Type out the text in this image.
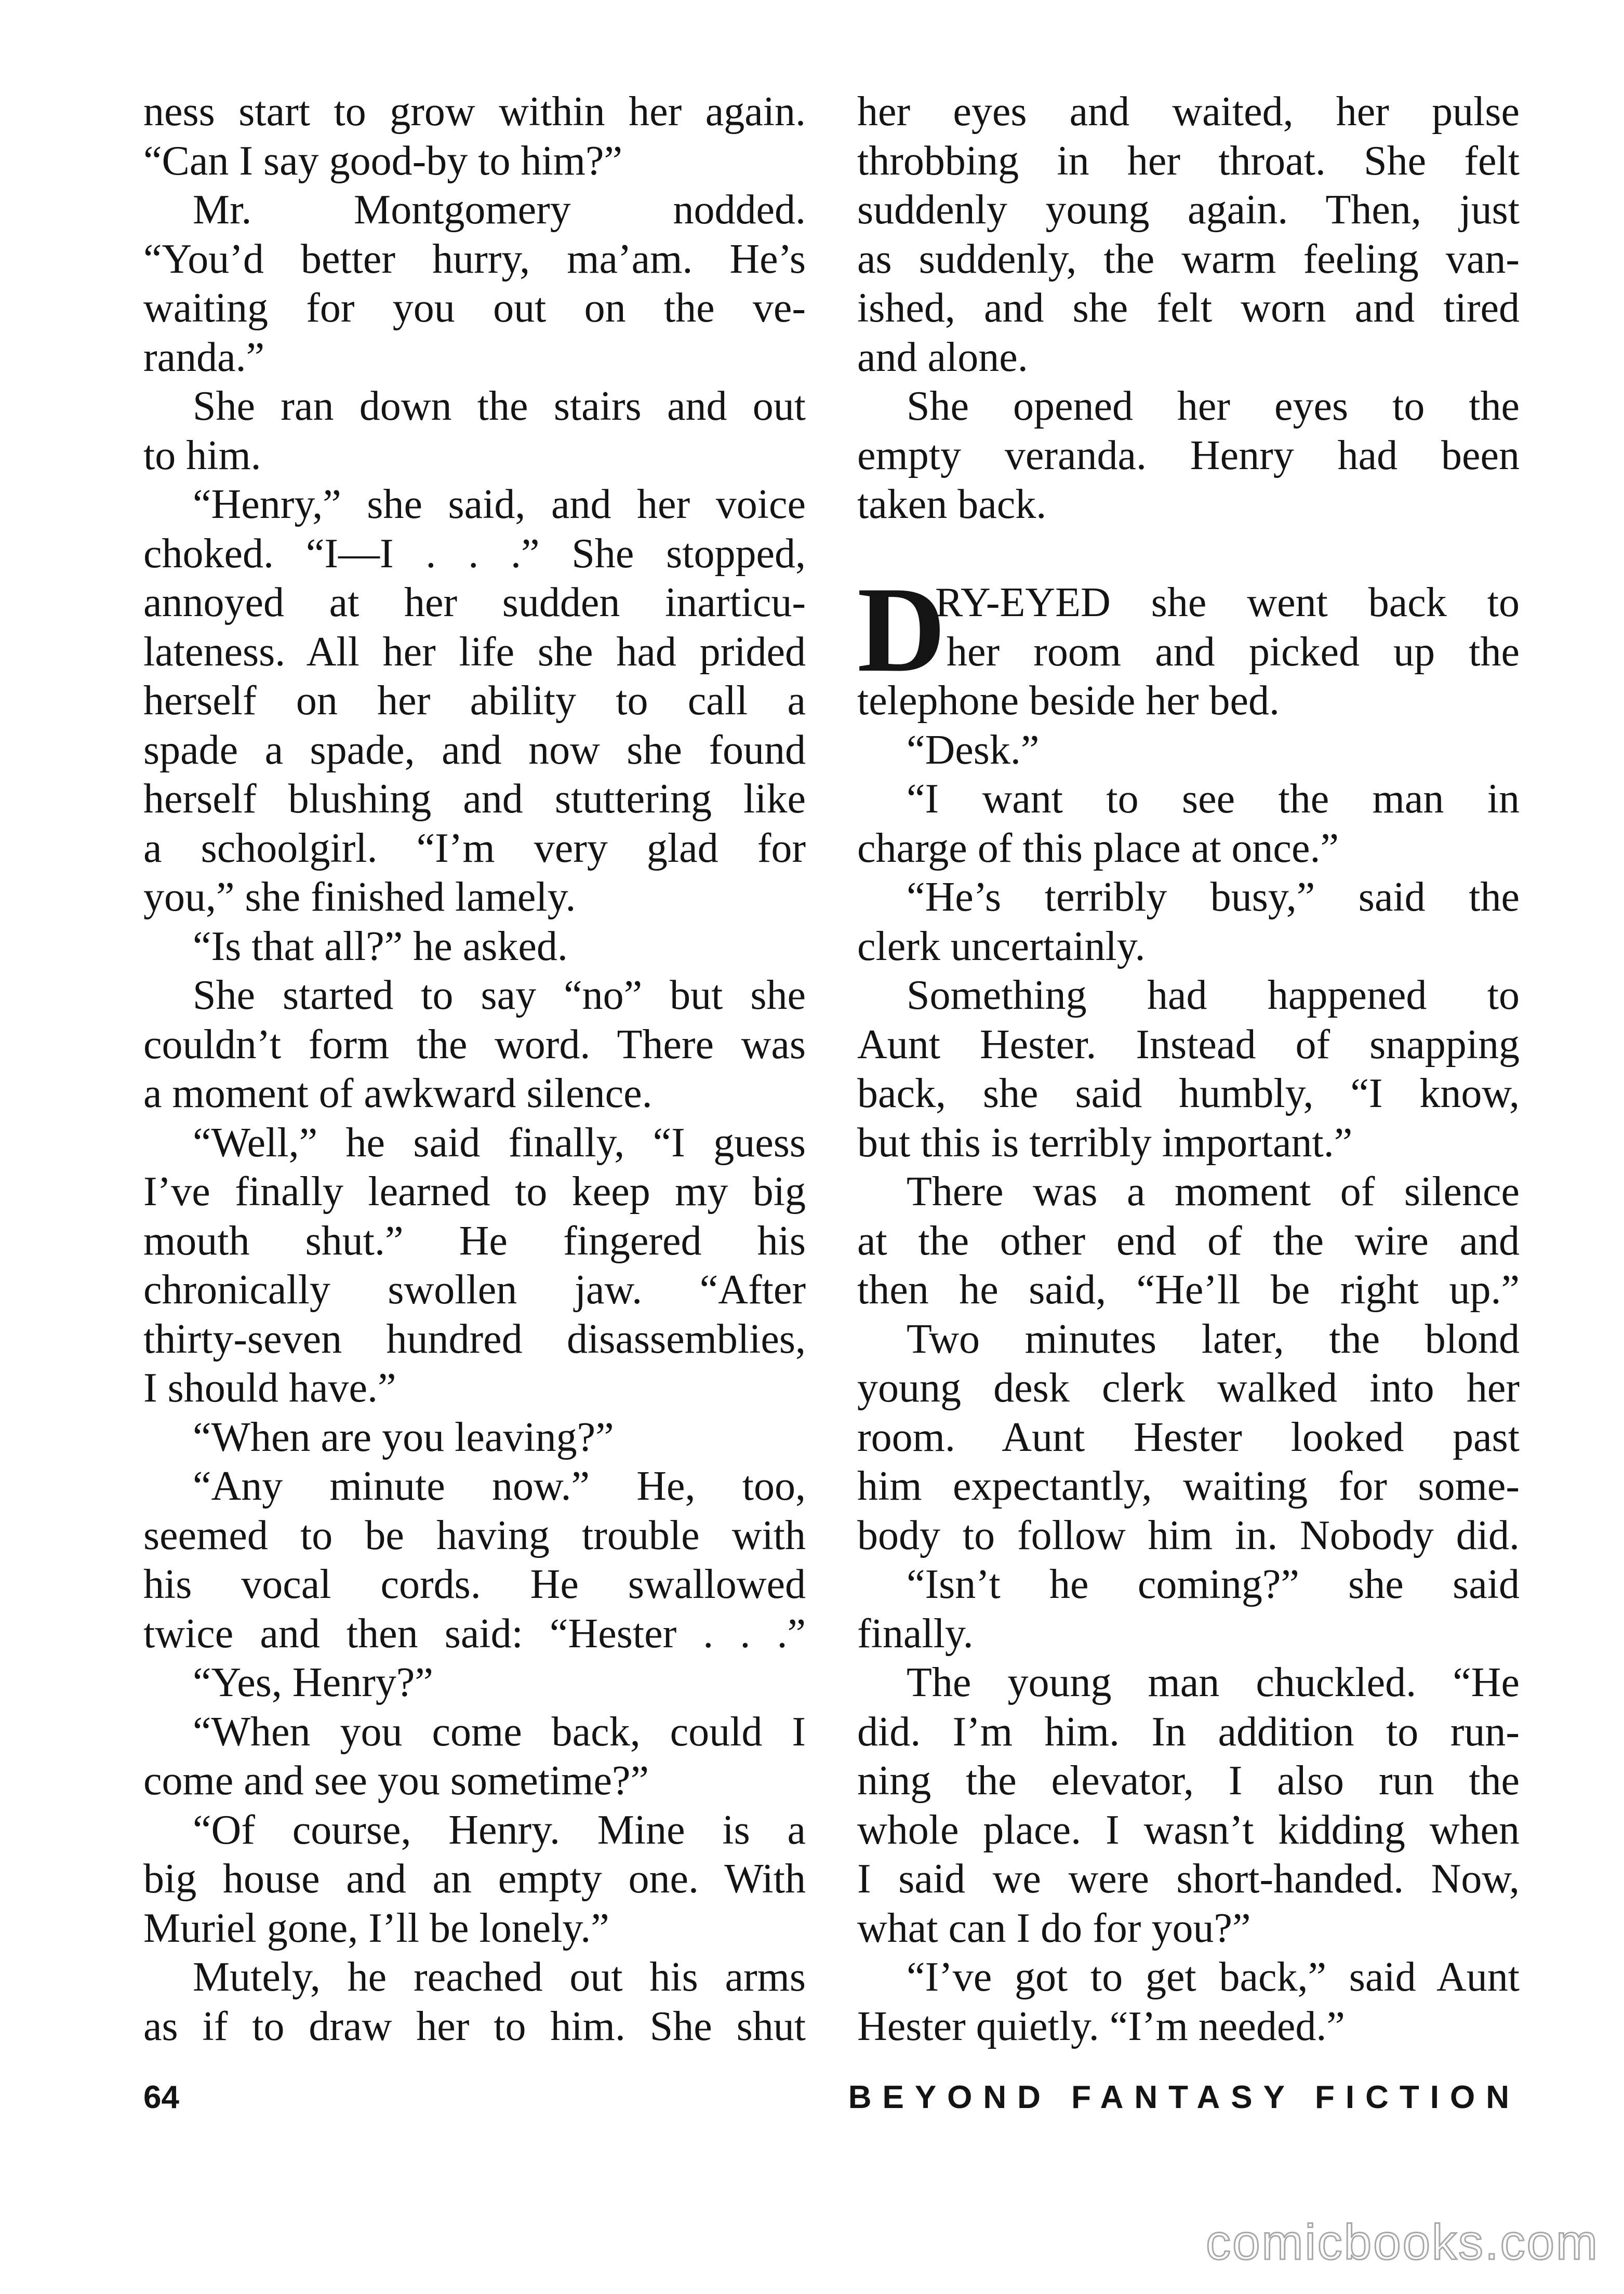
ness start to grow within her again.
“Can I say good-by to him?”
Mr. Montgomery nodded.
“You’d better hurry, ma’am. He’s
waiting for you out on the ve-
randa.”
She ran down the stairs and out
to him.
“Henry,” she said, and her voice
choked. “I—I . . .” She stopped,
annoyed at her sudden inarticu-
lateness. All her life she had prided
herself on her ability to call a
spade a spade, and now she found
herself blushing and stuttering like
a schoolgirl. “I’m very glad for
you,” she finished lamely.
“Is that all?” he asked.
She started to say “no” but she
couldn’t form the word. There was
a moment of awkward silence.
“Well,” he said finally, “I guess
I’ve finally learned to keep my big
mouth shut.” He fingered his
chronically swollen jaw. “After
thirty-seven hundred disassemblies,
I should have.”
“When are you leaving?”
“Any minute now.” He, too,
seemed to be having trouble with
his vocal cords. He swallowed
twice and then said: “Hester . . .”
“Yes, Henry?”
“When you come back, could I
come and see you sometime?”
“Of course, Henry. Mine is a
big house and an empty one. With
Muriel gone, I’ll be lonely.”
Mutely, he reached out his arms
as if to draw her to him. She shut
her eyes and waited, her pulse
throbbing in her throat. She felt
suddenly young again. Then, just
as suddenly, the warm feeling van-
ished, and she felt worn and tired
and alone.
She opened her eyes to the
empty veranda. Henry had been
taken back.
D
RY-EYED she went back to
her room and picked up the
telephone beside her bed.
“Desk.”
“I want to see the man in
charge of this place at once.”
“He’s terribly busy,” said the
clerk uncertainly.
Something had happened to
Aunt Hester. Instead of snapping
back, she said humbly, “I know,
but this is terribly important.”
There was a moment of silence
at the other end of the wire and
then he said, “He’ll be right up.”
Two minutes later, the blond
young desk clerk walked into her
room. Aunt Hester looked past
him expectantly, waiting for some-
body to follow him in. Nobody did.
“Isn’t he coming?” she said
finally.
The young man chuckled. “He
did. I’m him. In addition to run-
ning the elevator, I also run the
whole place. I wasn’t kidding when
I said we were short-handed. Now,
what can I do for you?”
“I’ve got to get back,” said Aunt
Hester quietly. “I’m needed.”
64	BEYOND FANTASY FICTION
comicbooks.com
